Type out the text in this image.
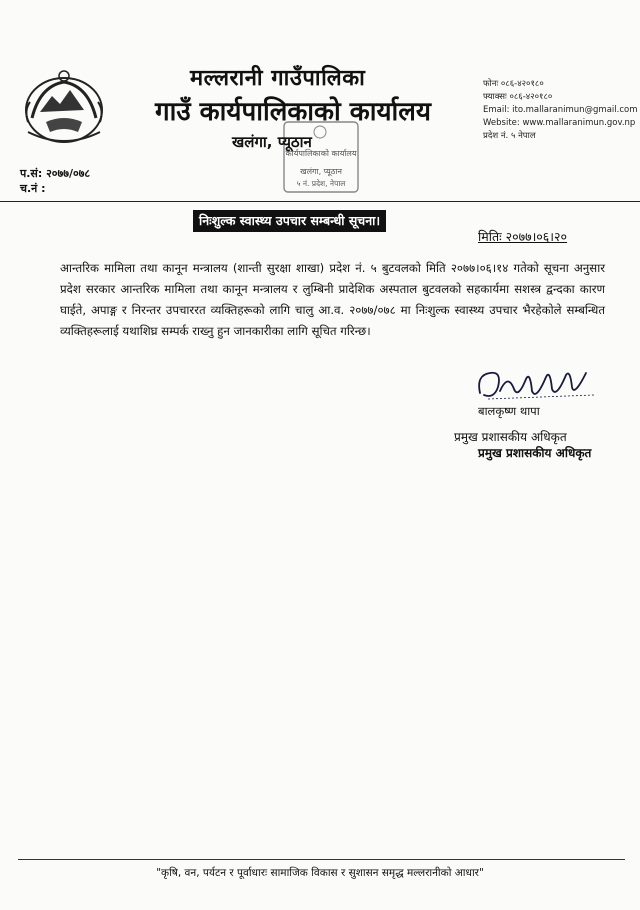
मल्लरानी गाउँपालिका
गाउँ कार्यपालिकाको कार्यालय
कार्यपालिकाको कार्यालय
खलंगा, प्यूठान
५ नं. प्रदेश, नेपाल
खलंगा, प्यूठान
फोनः ०८६-४२०१८०
फ्याक्सः ०८६-४२०१८०
Email: ito.mallaranimun@gmail.com
Website: www.mallaranimun.gov.np
प्रदेश नं. ५ नेपाल
प.सं: २०७७/०७८
च.नं :
निःशुल्क स्वास्थ्य उपचार सम्बन्धी सूचना।
मितिः २०७७।०६।२०
आन्तरिक मामिला तथा कानून मन्त्रालय (शान्ती सुरक्षा शाखा) प्रदेश नं. ५ बुटवलको मिति २०७७।०६।१४ गतेको सूचना अनुसार प्रदेश सरकार आन्तरिक मामिला तथा कानून मन्त्रालय र लुम्बिनी प्रादेशिक अस्पताल बुटवलको सहकार्यमा सशस्त्र द्वन्दका कारण घाईते, अपाङ्ग र निरन्तर उपचाररत व्यक्तिहरूको लागि चालु आ.व. २०७७/०७८ मा निःशुल्क स्वास्थ्य उपचार भैरहेकोले सम्बन्धित व्यक्तिहरूलाई यथाशिघ्र सम्पर्क राख्नु हुन जानकारीका लागि सूचित गरिन्छ।
बालकृष्ण थापा
प्रमुख प्रशासकीय अधिकृत
प्रमुख प्रशासकीय अधिकृत
"कृषि, वन, पर्यटन र पूर्वाधारः सामाजिक विकास र सुशासन समृद्ध मल्लरानीको आधार"
